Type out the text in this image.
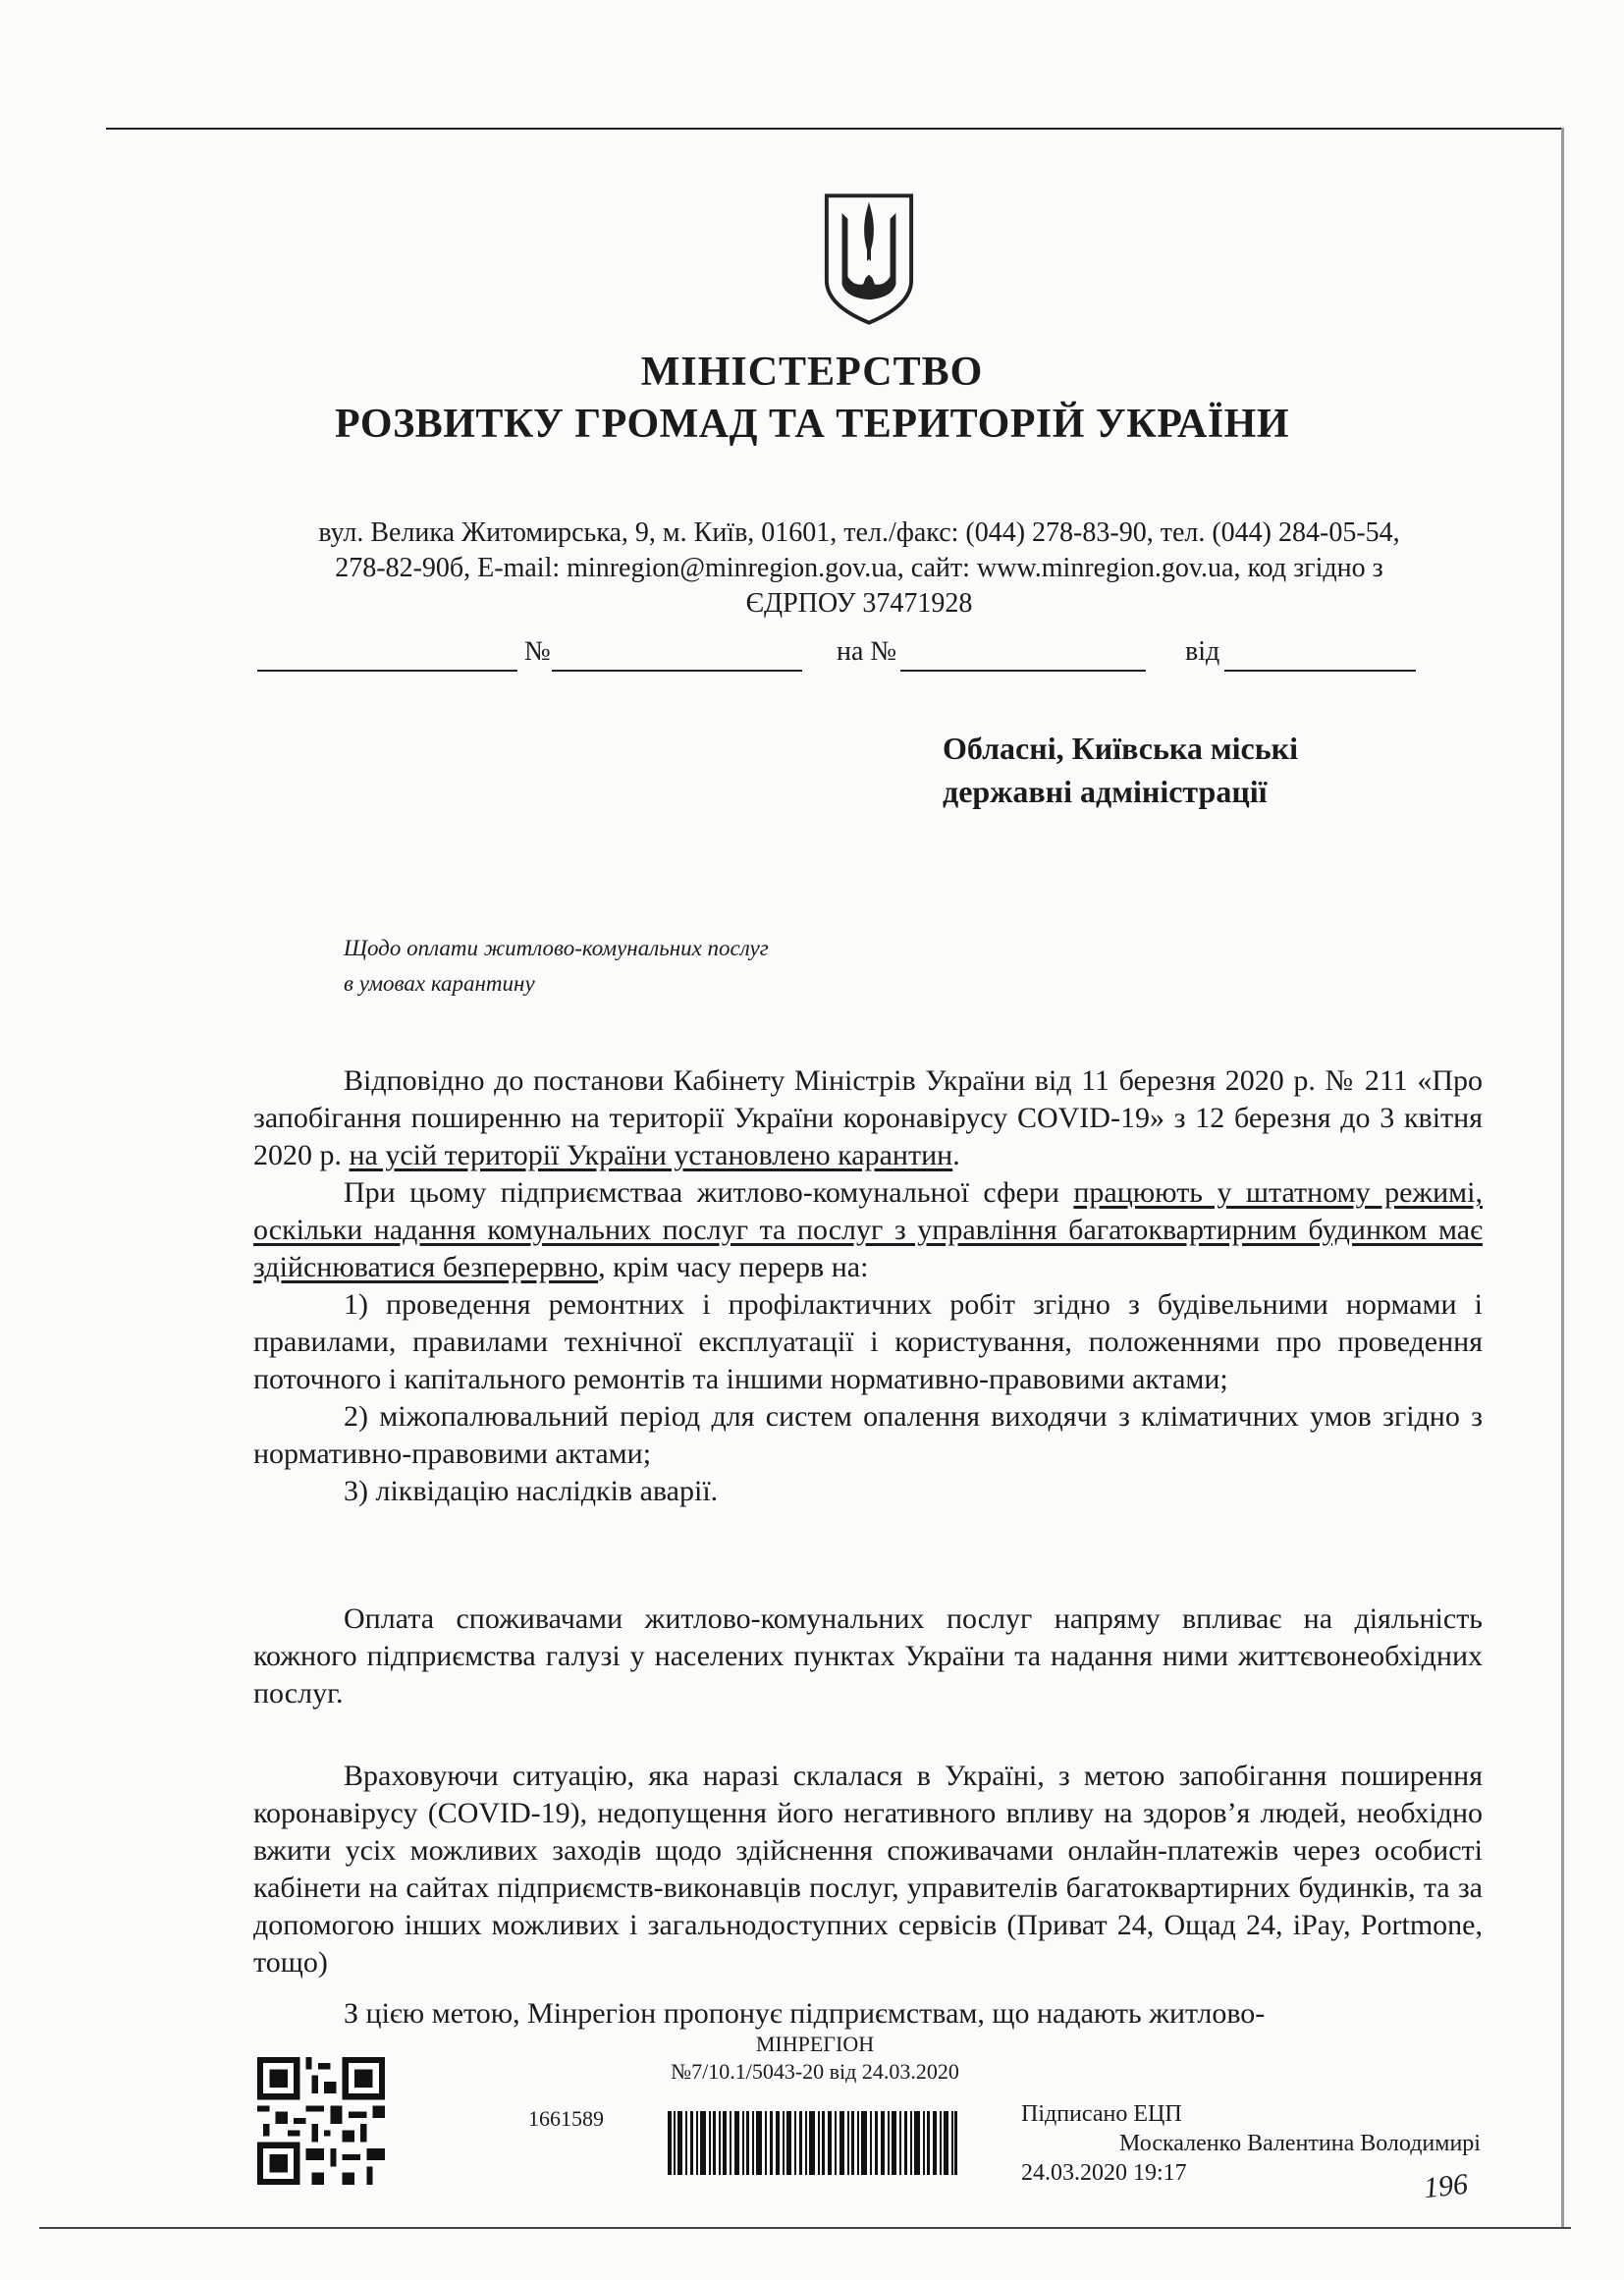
МІНІСТЕРСТВО
РОЗВИТКУ ГРОМАД ТА ТЕРИТОРІЙ УКРАЇНИ
вул. Велика Житомирська, 9, м. Київ, 01601, тел./факс: (044) 278-83-90, тел. (044) 284-05-54,
278-82-90б, E-mail: minregion@minregion.gov.ua, сайт: www.minregion.gov.ua, код згідно з
ЄДРПОУ 37471928
№	на №	від
Обласні, Київська міські
державні адміністрації
Щодо оплати житлово-комунальних послуг
в умовах карантину

Відповідно до постанови Кабінету Міністрів України від 11 березня 2020 р. № 211 «Про запобігання поширенню на території України коронавірусу COVID-19» з 12 березня до 3 квітня 2020 р. на усій території України установлено карантин.

При цьому підприємстваа житлово-комунальної сфери працюють у штатному режимі, оскільки надання комунальних послуг та послуг з управління багатоквартирним будинком має здійснюватися безперервно, крім часу перерв на:

1) проведення ремонтних і профілактичних робіт згідно з будівельними нормами і правилами, правилами технічної експлуатації і користування, положеннями про проведення поточного і капітального ремонтів та іншими нормативно-правовими актами;

2) міжопалювальний період для систем опалення виходячи з кліматичних умов згідно з нормативно-правовими актами;

3) ліквідацію наслідків аварії.

Оплата споживачами житлово-комунальних послуг напряму впливає на діяльність кожного підприємства галузі у населених пунктах України та надання ними життєвонеобхідних послуг.

Враховуючи ситуацію, яка наразі склалася в Україні, з метою запобігання поширення коронавірусу (COVID-19), недопущення його негативного впливу на здоров’я людей, необхідно вжити усіх можливих заходів щодо здійснення споживачами онлайн-платежів через особисті кабінети на сайтах підприємств-виконавців послуг, управителів багатоквартирних будинків, та за допомогою інших можливих і загальнодоступних сервісів (Приват 24, Ощад 24, iPay, Portmone, тощо)

З цією метою, Мінрегіон пропонує підприємствам, що надають житлово-

МІНРЕГІОН
№7/10.1/5043-20 від 24.03.2020
1661589	Підписано ЕЦП
Москаленко Валентина Володимирі
24.03.2020 19:17	196
